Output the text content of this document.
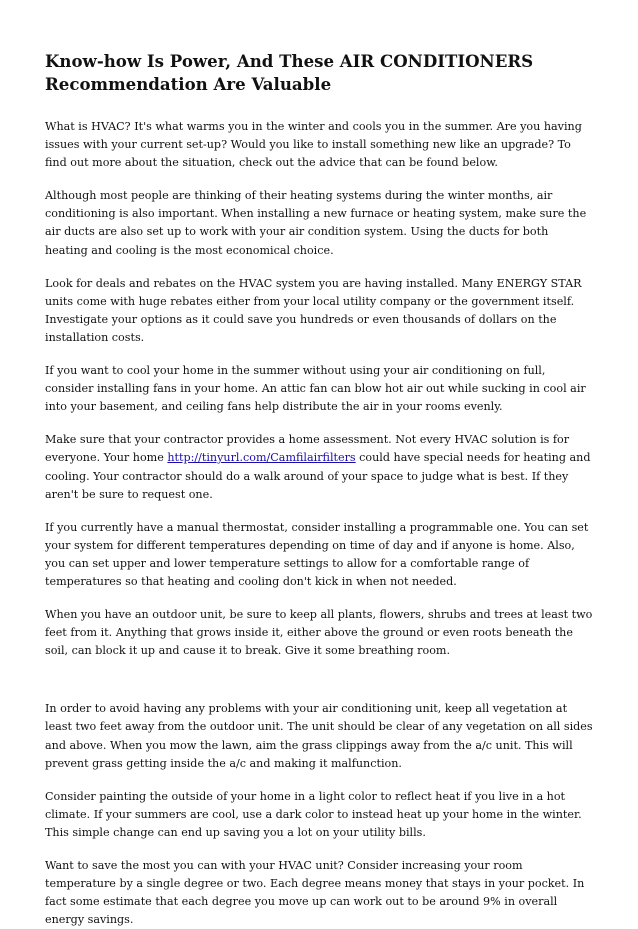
Know-how Is Power, And These AIR CONDITIONERS
Recommendation Are Valuable

What is HVAC? It's what warms you in the winter and cools you in the summer. Are you having issues with your current set-up? Would you like to install something new like an upgrade? To find out more about the situation, check out the advice that can be found below.

Although most people are thinking of their heating systems during the winter months, air conditioning is also important. When installing a new furnace or heating system, make sure the air ducts are also set up to work with your air condition system. Using the ducts for both heating and cooling is the most economical choice.

Look for deals and rebates on the HVAC system you are having installed. Many ENERGY STAR units come with huge rebates either from your local utility company or the government itself. Investigate your options as it could save you hundreds or even thousands of dollars on the installation costs.

If you want to cool your home in the summer without using your air conditioning on full, consider installing fans in your home. An attic fan can blow hot air out while sucking in cool air into your basement, and ceiling fans help distribute the air in your rooms evenly.

Make sure that your contractor provides a home assessment. Not every HVAC solution is for everyone. Your home http://tinyurl.com/Camfilairfilters could have special needs for heating and cooling. Your contractor should do a walk around of your space to judge what is best. If they aren't be sure to request one.

If you currently have a manual thermostat, consider installing a programmable one. You can set your system for different temperatures depending on time of day and if anyone is home. Also, you can set upper and lower temperature settings to allow for a comfortable range of temperatures so that heating and cooling don't kick in when not needed.

When you have an outdoor unit, be sure to keep all plants, flowers, shrubs and trees at least two feet from it. Anything that grows inside it, either above the ground or even roots beneath the soil, can block it up and cause it to break. Give it some breathing room.

In order to avoid having any problems with your air conditioning unit, keep all vegetation at least two feet away from the outdoor unit. The unit should be clear of any vegetation on all sides and above. When you mow the lawn, aim the grass clippings away from the a/c unit. This will prevent grass getting inside the a/c and making it malfunction.

Consider painting the outside of your home in a light color to reflect heat if you live in a hot climate. If your summers are cool, use a dark color to instead heat up your home in the winter. This simple change can end up saving you a lot on your utility bills.

Want to save the most you can with your HVAC unit? Consider increasing your room temperature by a single degree or two. Each degree means money that stays in your pocket. In fact some estimate that each degree you move up can work out to be around 9% in overall energy savings.
